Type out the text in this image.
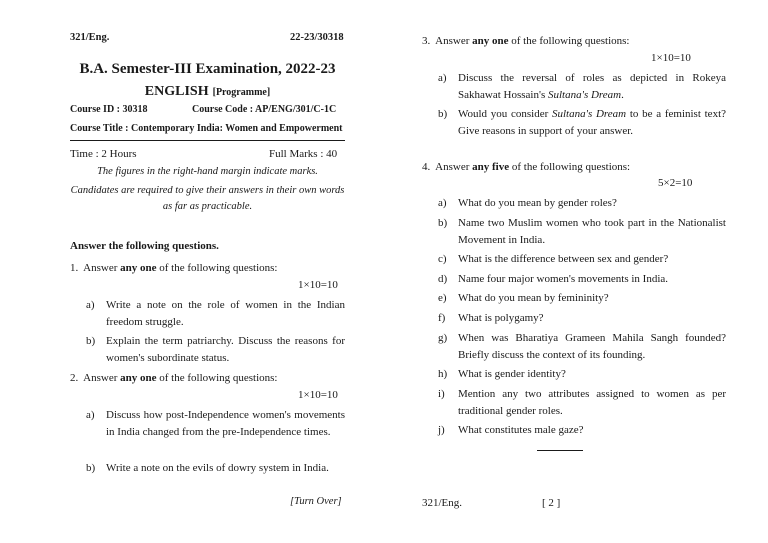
321/Eng.	22-23/30318
B.A. Semester-III Examination, 2022-23
ENGLISH [Programme]
Course ID : 30318	Course Code : AP/ENG/301/C-1C
Course Title : Contemporary India: Women and Empowerment
Time : 2 Hours	Full Marks : 40
The figures in the right-hand margin indicate marks.
Candidates are required to give their answers in their own words as far as practicable.
Answer the following questions.
1. Answer any one of the following questions:
1×10=10
a) Write a note on the role of women in the Indian freedom struggle.
b) Explain the term patriarchy. Discuss the reasons for women's subordinate status.
2. Answer any one of the following questions:
1×10=10
a) Discuss how post-Independence women's movements in India changed from the pre-Independence times.
b) Write a note on the evils of dowry system in India.
[Turn Over]
3. Answer any one of the following questions:
1×10=10
a) Discuss the reversal of roles as depicted in Rokeya Sakhawat Hossain's Sultana's Dream.
b) Would you consider Sultana's Dream to be a feminist text? Give reasons in support of your answer.
4. Answer any five of the following questions:
5×2=10
a) What do you mean by gender roles?
b) Name two Muslim women who took part in the Nationalist Movement in India.
c) What is the difference between sex and gender?
d) Name four major women's movements in India.
e) What do you mean by femininity?
f) What is polygamy?
g) When was Bharatiya Grameen Mahila Sangh founded? Briefly discuss the context of its founding.
h) What is gender identity?
i) Mention any two attributes assigned to women as per traditional gender roles.
j) What constitutes male gaze?
321/Eng.	[ 2 ]
